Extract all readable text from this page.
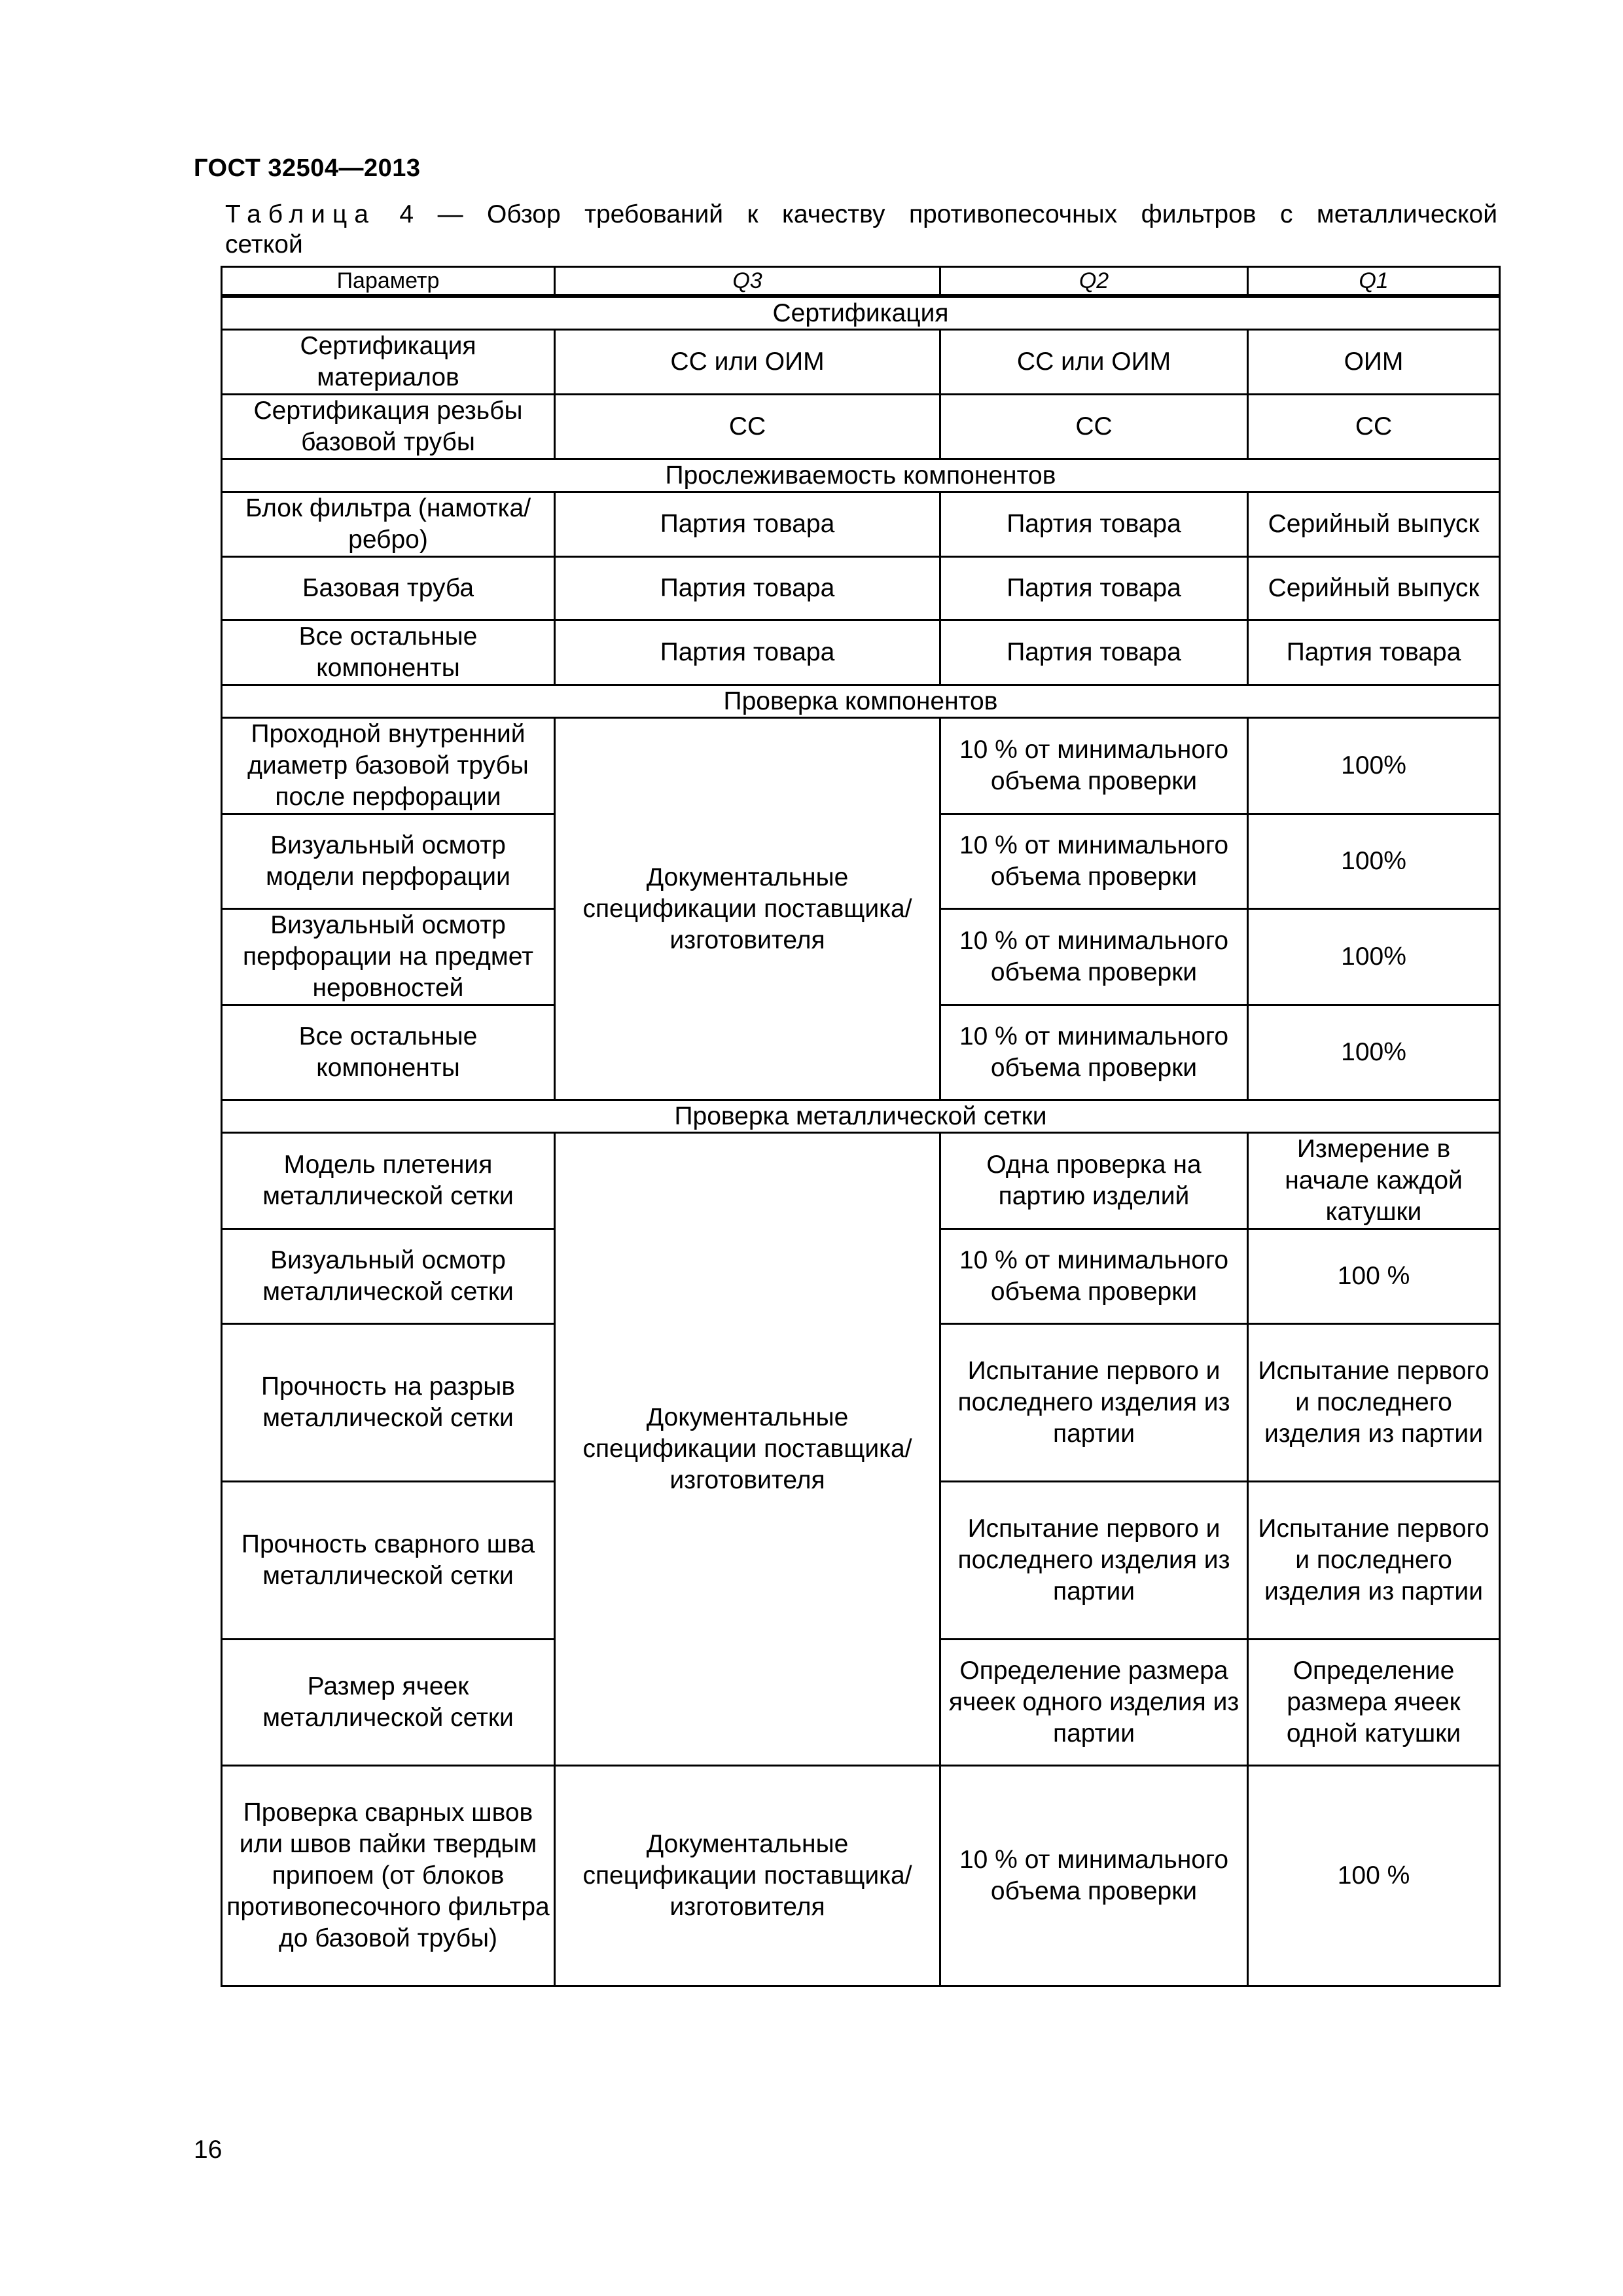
ГОСТ 32504—2013

Таблица 4 — Обзор требований к качеству противопесочных фильтров с металлической
сеткой
Параметр	Q3	Q2	Q1

Сертификация			
Сертификация материалов	СС или ОИМ	СС или ОИМ	ОИМ
Сертификация резьбы базовой трубы	СС	СС	СС
Прослеживаемость компонентов			
Блок фильтра (намотка/ребро)	Партия товара	Партия товара	Серийный выпуск
Базовая труба	Партия товара	Партия товара	Серийный выпуск
Все остальные компоненты	Партия товара	Партия товара	Партия товара
Проверка компонентов			
Проходной внутренний диаметр базовой трубы после перфорации	Документальные спецификации поставщика/ изготовителя	10 % от минимального объема проверки	100%
Визуальный осмотр модели перфорации		10 % от минимального объема проверки	100%
Визуальный осмотр перфорации на предмет неровностей		10 % от минимального объема проверки	100%
Все остальные компоненты		10 % от минимального объема проверки	100%
Проверка металлической сетки			
Модель плетения металлической сетки	Документальные спецификации поставщика/ изготовителя	Одна проверка на партию изделий	Измерение в начале каждой катушки
Визуальный осмотр металлической сетки		10 % от минимального объема проверки	100 %
Прочность на разрыв металлической сетки		Испытание первого и последнего изделия из партии	Испытание первого и последнего изделия из партии
Прочность сварного шва металлической сетки		Испытание первого и последнего изделия из партии	Испытание первого и последнего изделия из партии
Размер ячеек металлической сетки		Определение размера ячеек одного изделия из партии	Определение размера ячеек одной катушки
Проверка сварных швов или швов пайки твердым припоем (от блоков противопесочного фильтра до базовой трубы)	Документальные спецификации поставщика/ изготовителя	10 % от минимального объема проверки	100 %

16
